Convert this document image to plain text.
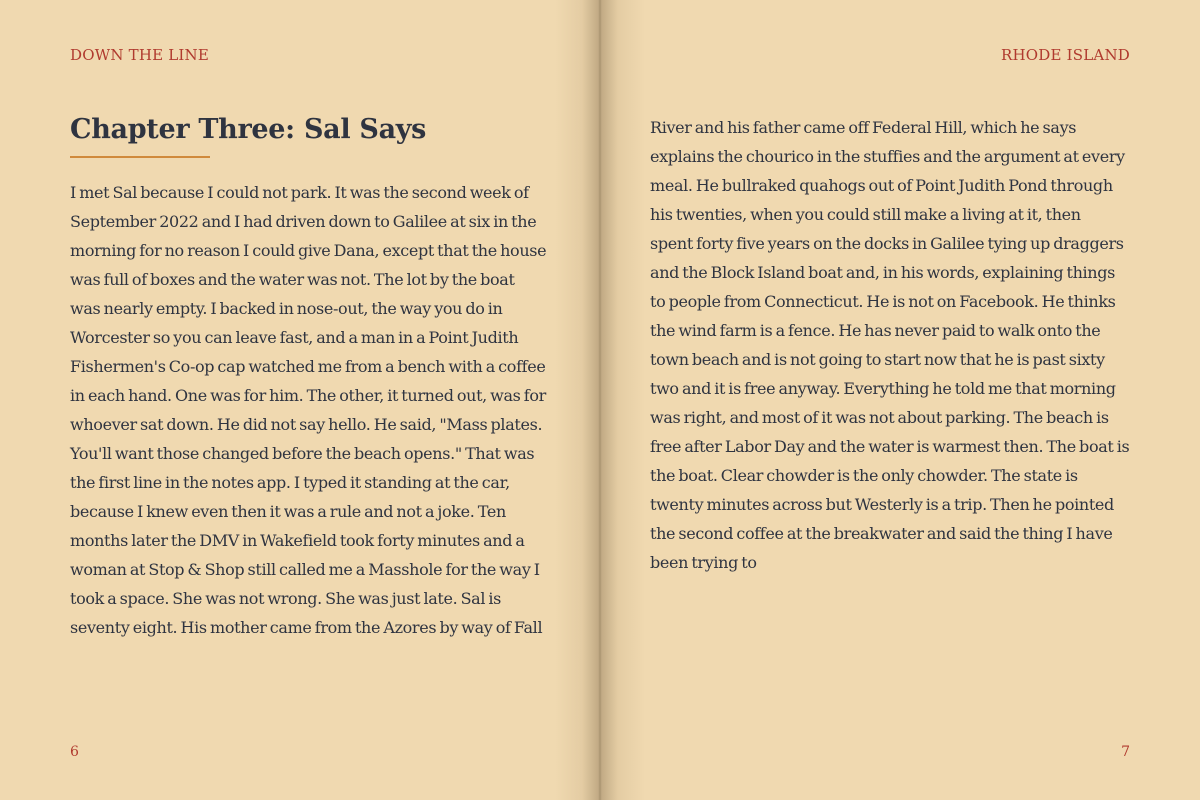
DOWN THE LINE
Chapter Three: Sal Says
I met Sal because I could not park. It was the second week of
September 2022 and I had driven down to Galilee at six in the
morning for no reason I could give Dana, except that the house
was full of boxes and the water was not. The lot by the boat
was nearly empty. I backed in nose-out, the way you do in
Worcester so you can leave fast, and a man in a Point Judith
Fishermen's Co-op cap watched me from a bench with a coffee
in each hand. One was for him. The other, it turned out, was for
whoever sat down. He did not say hello. He said, "Mass plates.
You'll want those changed before the beach opens." That was
the first line in the notes app. I typed it standing at the car,
because I knew even then it was a rule and not a joke. Ten
months later the DMV in Wakefield took forty minutes and a
woman at Stop & Shop still called me a Masshole for the way I
took a space. She was not wrong. She was just late. Sal is
seventy eight. His mother came from the Azores by way of Fall
6
RHODE ISLAND
River and his father came off Federal Hill, which he says
explains the chourico in the stuffies and the argument at every
meal. He bullraked quahogs out of Point Judith Pond through
his twenties, when you could still make a living at it, then
spent forty five years on the docks in Galilee tying up draggers
and the Block Island boat and, in his words, explaining things
to people from Connecticut. He is not on Facebook. He thinks
the wind farm is a fence. He has never paid to walk onto the
town beach and is not going to start now that he is past sixty
two and it is free anyway. Everything he told me that morning
was right, and most of it was not about parking. The beach is
free after Labor Day and the water is warmest then. The boat is
the boat. Clear chowder is the only chowder. The state is
twenty minutes across but Westerly is a trip. Then he pointed
the second coffee at the breakwater and said the thing I have
been trying to
7
